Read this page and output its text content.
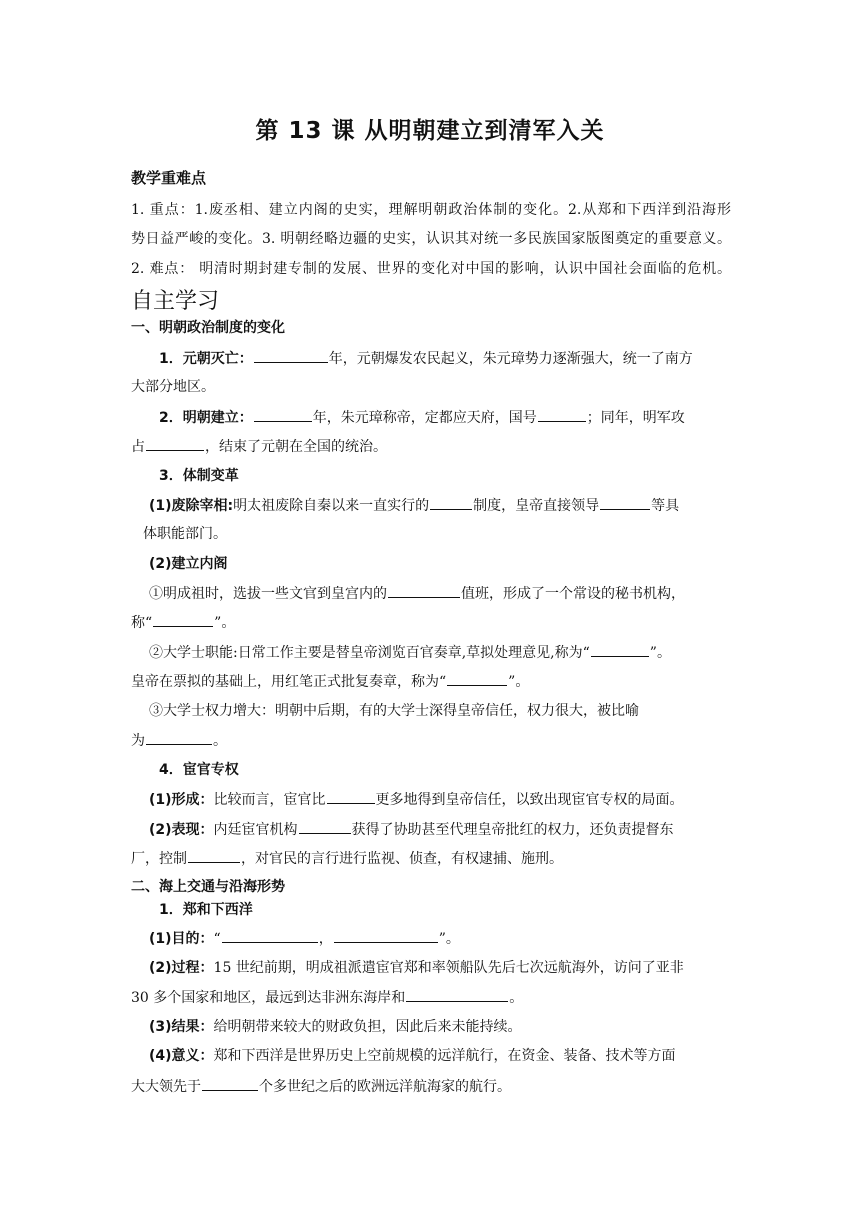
第 13 课 从明朝建立到清军入关
教学重难点
1. 重点：1.废丞相、建立内阁的史实，理解明朝政治体制的变化。2.从郑和下西洋到沿海形
势日益严峻的变化。3. 明朝经略边疆的史实，认识其对统一多民族国家版图奠定的重要意义。
2. 难点： 明清时期封建专制的发展、世界的变化对中国的影响，认识中国社会面临的危机。
自主学习
一、明朝政治制度的变化
1．元朝灭亡：	年，元朝爆发农民起义，朱元璋势力逐渐强大，统一了南方
大部分地区。
2．明朝建立：	年，朱元璋称帝，定都应天府，国号	；同年，明军攻
占	，结束了元朝在全国的统治。
3．体制变革
(1)废除宰相:明太祖废除自秦以来一直实行的	制度，皇帝直接领导	等具
体职能部门。
(2)建立内阁
①明成祖时，选拔一些文官到皇宫内的	值班，形成了一个常设的秘书机构，
称“	”。
②大学士职能:日常工作主要是替皇帝浏览百官奏章,草拟处理意见,称为“	”。
皇帝在票拟的基础上，用红笔正式批复奏章，称为“	”。
③大学士权力增大：明朝中后期，有的大学士深得皇帝信任，权力很大，被比喻
为	。
4．宦官专权
(1)形成：比较而言，宦官比	更多地得到皇帝信任，以致出现宦官专权的局面。
(2)表现：内廷宦官机构	获得了协助甚至代理皇帝批红的权力，还负责提督东
厂，控制	，对官民的言行进行监视、侦查，有权逮捕、施刑。
二、海上交通与沿海形势
1．郑和下西洋
(1)目的：“	，	”。
(2)过程：15 世纪前期，明成祖派遣宦官郑和率领船队先后七次远航海外，访问了亚非
30 多个国家和地区，最远到达非洲东海岸和	。
(3)结果：给明朝带来较大的财政负担，因此后来未能持续。
(4)意义：郑和下西洋是世界历史上空前规模的远洋航行，在资金、装备、技术等方面
大大领先于	个多世纪之后的欧洲远洋航海家的航行。
